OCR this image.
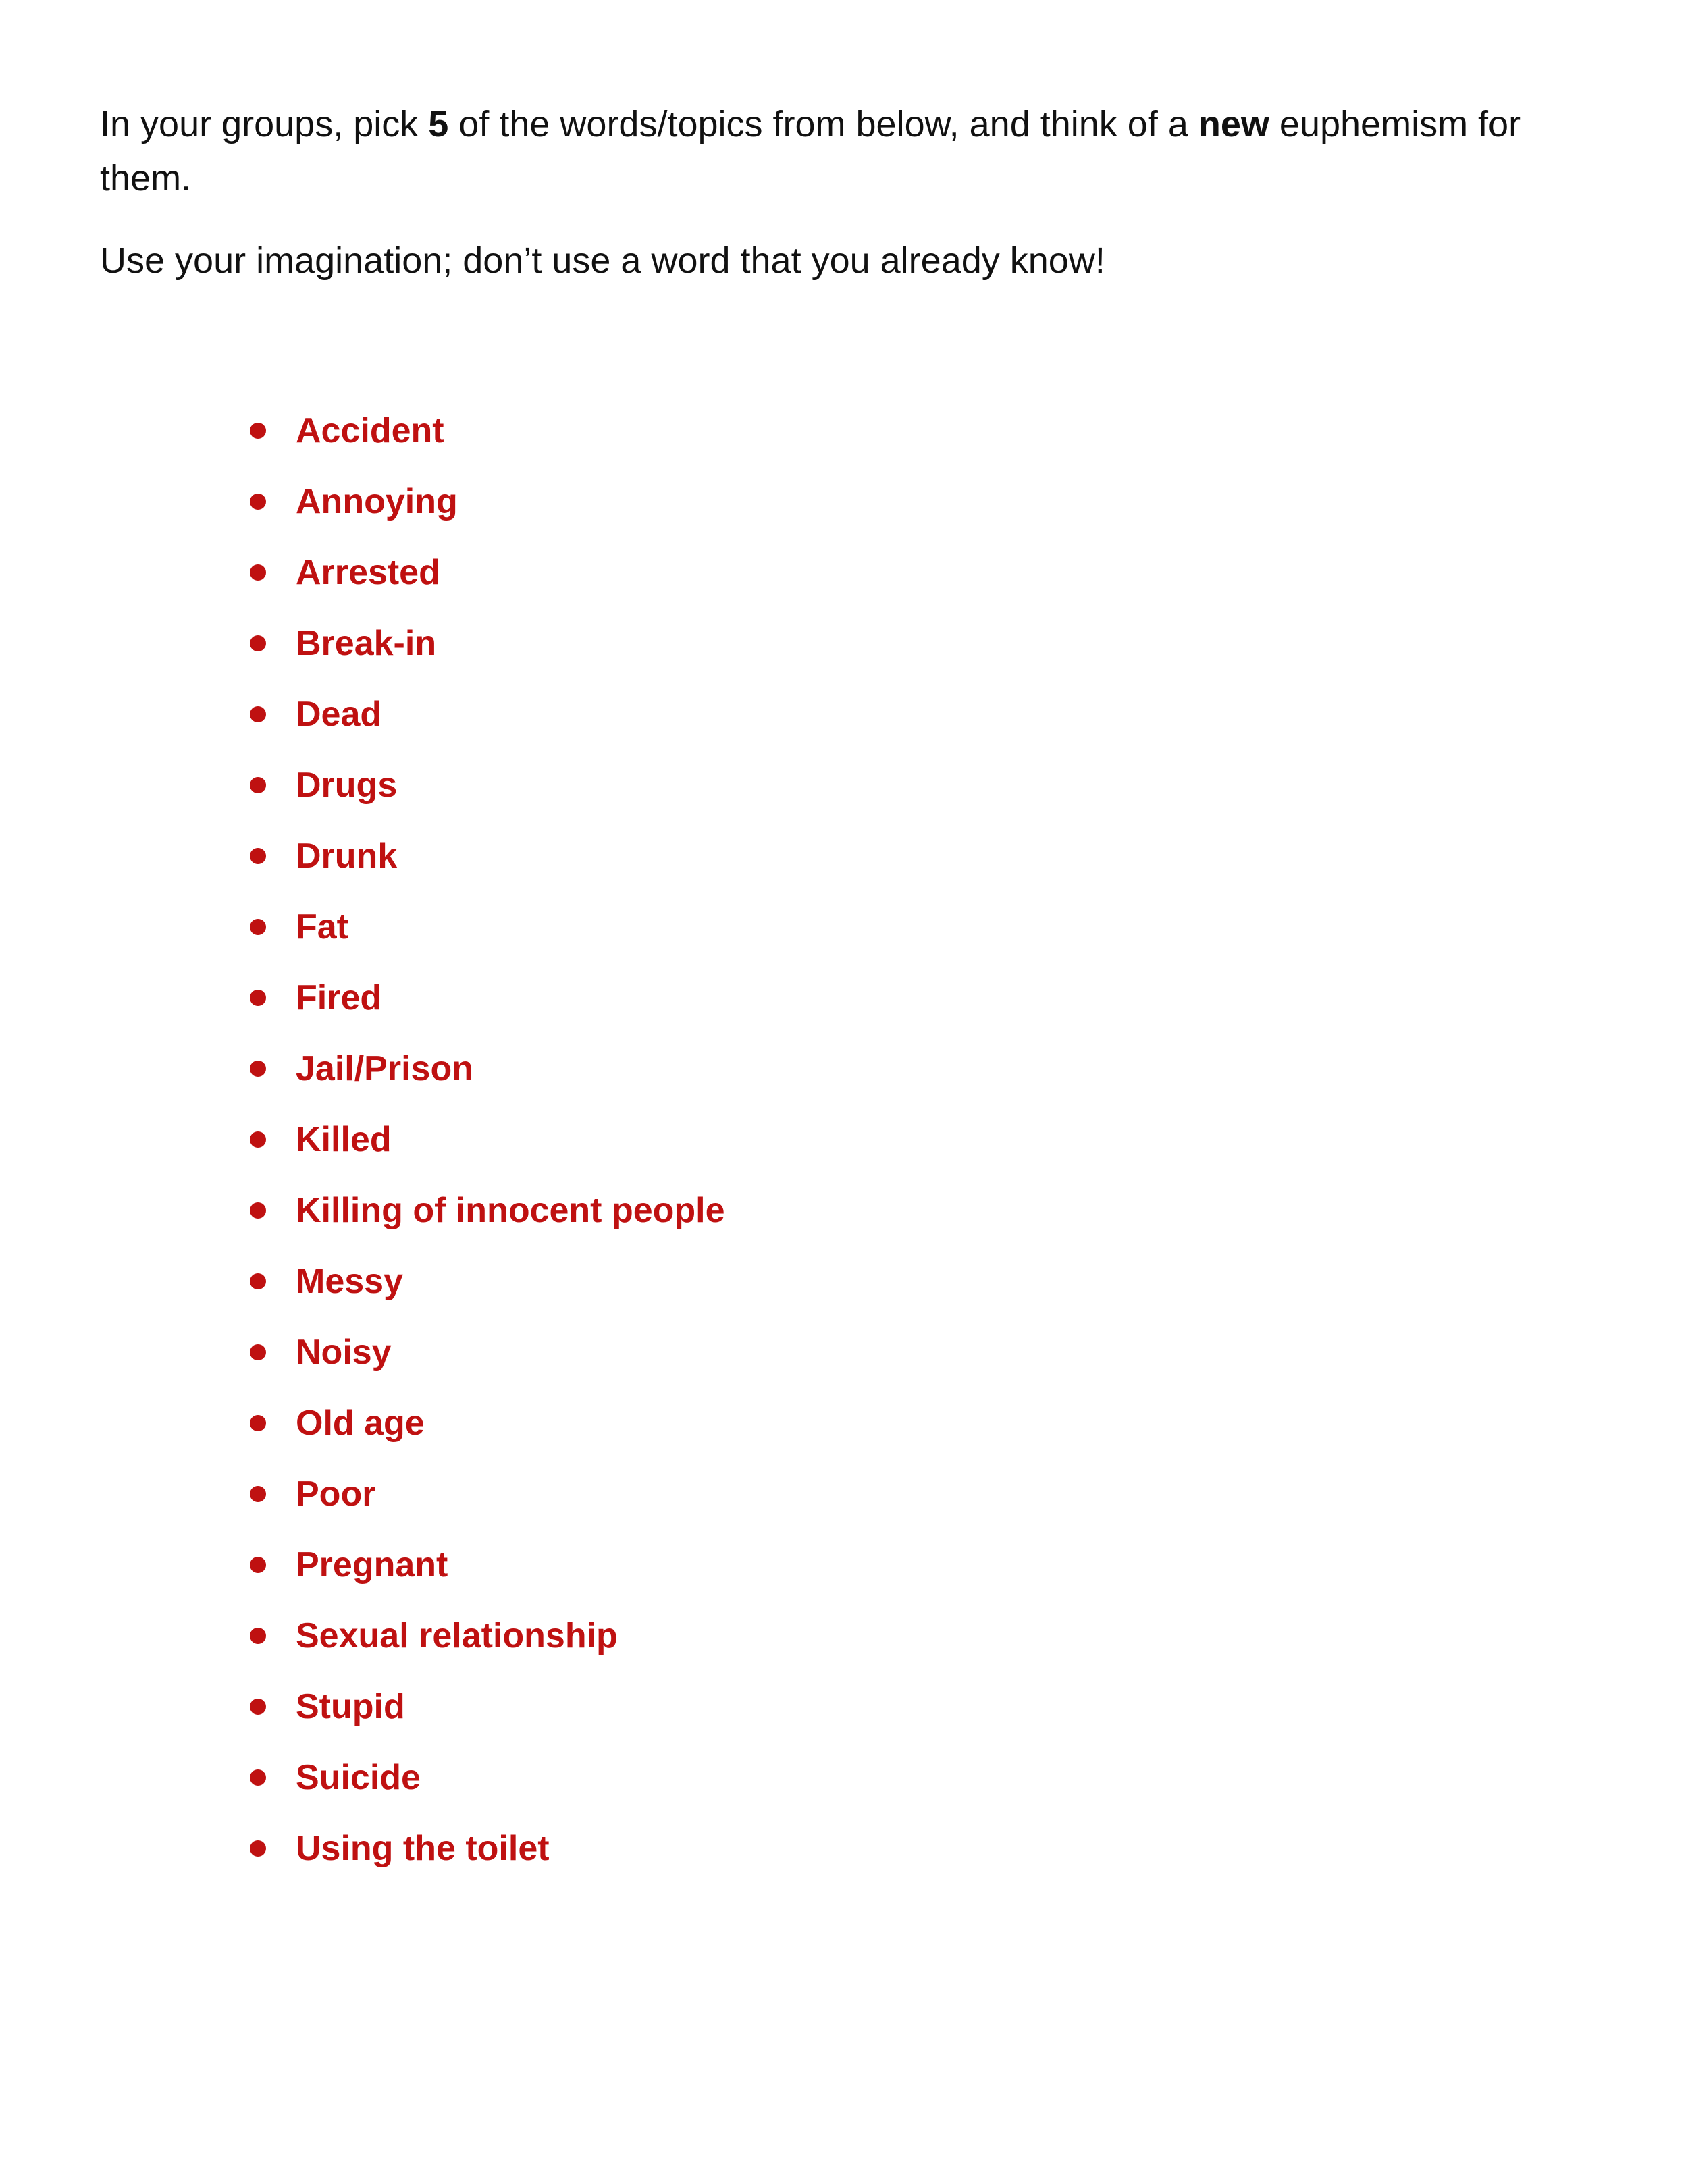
In your groups, pick 5 of the words/topics from below, and think of a new euphemism for them.

Use your imagination; don’t use a word that you already know!

Accident
Annoying
Arrested
Break-in
Dead
Drugs
Drunk
Fat
Fired
Jail/Prison
Killed
Killing of innocent people
Messy
Noisy
Old age
Poor
Pregnant
Sexual relationship
Stupid
Suicide
Using the toilet
